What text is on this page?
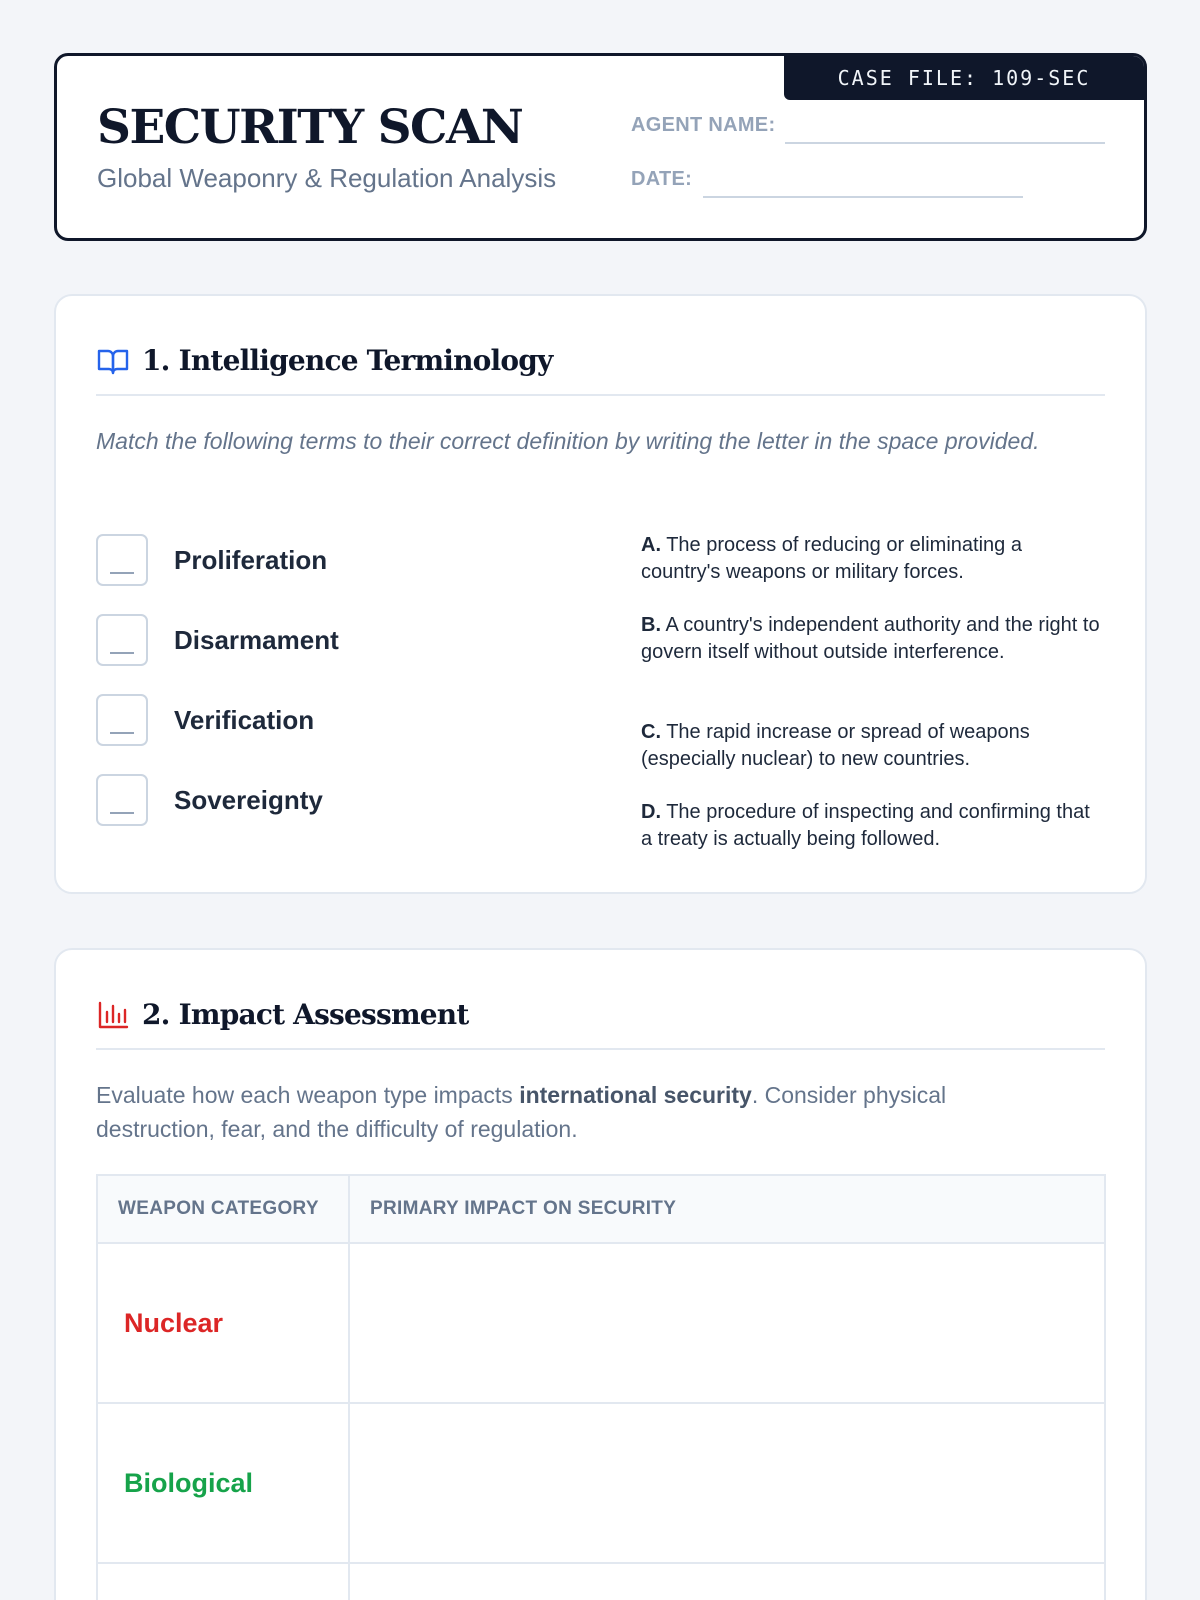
CASE FILE: 109-SEC
SECURITY SCAN
Global Weaponry & Regulation Analysis
AGENT NAME:
DATE:
1. Intelligence Terminology
Match the following terms to their correct definition by writing the letter in the space provided.
Proliferation
Disarmament
Verification
Sovereignty
A. The process of reducing or eliminating a country's weapons or military forces.
B. A country's independent authority and the right to govern itself without outside interference.
C. The rapid increase or spread of weapons (especially nuclear) to new countries.
D. The procedure of inspecting and confirming that a treaty is actually being followed.
2. Impact Assessment
Evaluate how each weapon type impacts international security. Consider physical destruction, fear, and the difficulty of regulation.
WEAPON CATEGORY	PRIMARY IMPACT ON SECURITY
Nuclear	
Biological	
